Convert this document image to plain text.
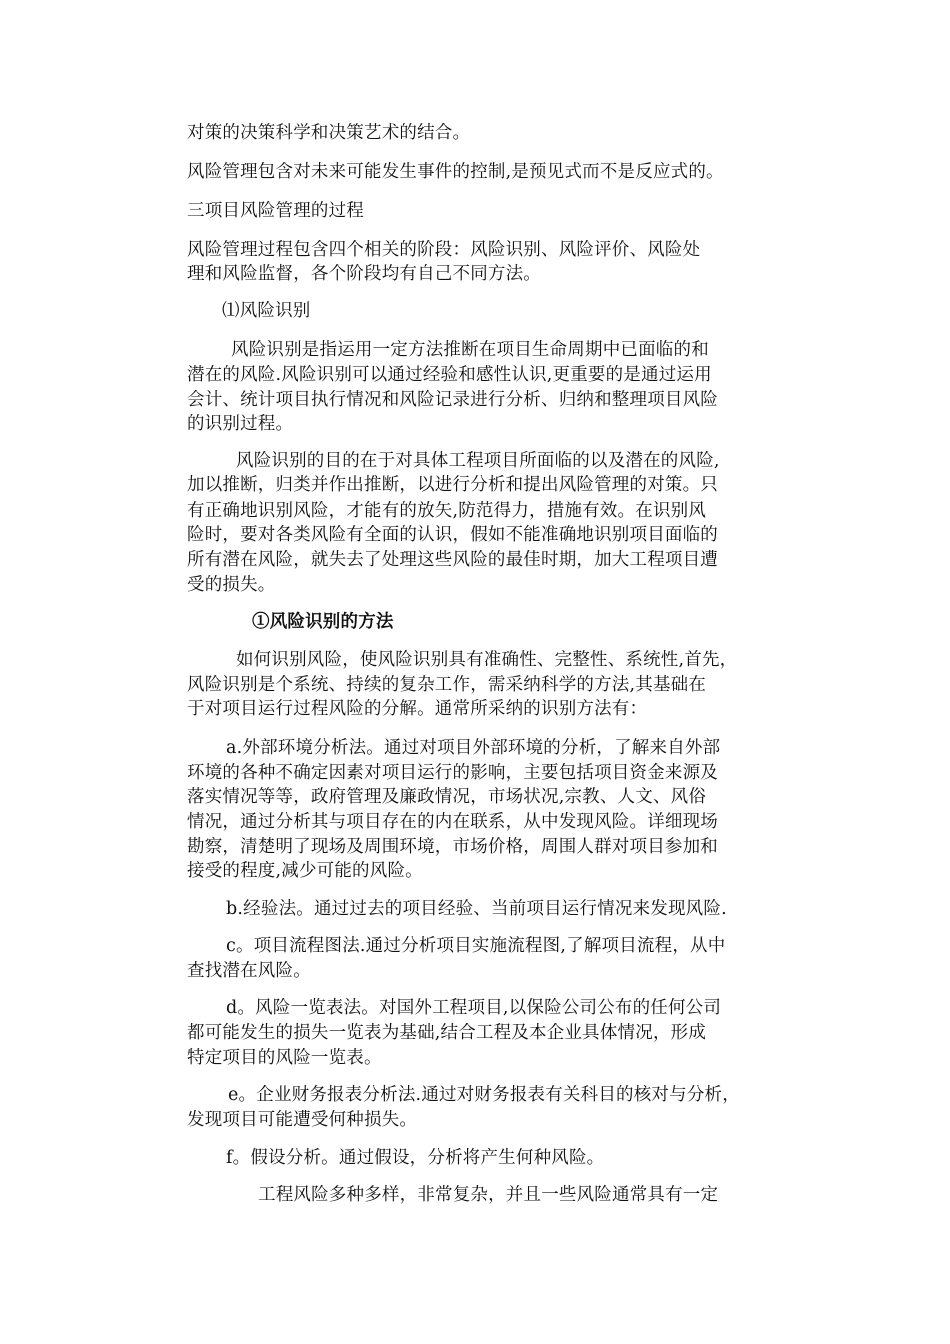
对策的决策科学和决策艺术的结合。
风险管理包含对未来可能发生事件的控制,是预见式而不是反应式的。
三项目风险管理的过程
风险管理过程包含四个相关的阶段：风险识别、风险评价、风险处
理和风险监督，各个阶段均有自己不同方法。
⑴风险识别
风险识别是指运用一定方法推断在项目生命周期中已面临的和
潜在的风险.风险识别可以通过经验和感性认识,更重要的是通过运用
会计、统计项目执行情况和风险记录进行分析、归纳和整理项目风险
的识别过程。
风险识别的目的在于对具体工程项目所面临的以及潜在的风险,
加以推断，归类并作出推断，以进行分析和提出风险管理的对策。只
有正确地识别风险，才能有的放矢,防范得力，措施有效。在识别风
险时，要对各类风险有全面的认识，假如不能准确地识别项目面临的
所有潜在风险，就失去了处理这些风险的最佳时期，加大工程项目遭
受的损失。
①风险识别的方法
如何识别风险，使风险识别具有准确性、完整性、系统性,首先，
风险识别是个系统、持续的复杂工作，需采纳科学的方法,其基础在
于对项目运行过程风险的分解。通常所采纳的识别方法有：
a.外部环境分析法。通过对项目外部环境的分析，了解来自外部
环境的各种不确定因素对项目运行的影响，主要包括项目资金来源及
落实情况等等，政府管理及廉政情况，市场状况,宗教、人文、风俗
情况，通过分析其与项目存在的内在联系，从中发现风险。详细现场
勘察，清楚明了现场及周围环境，市场价格，周围人群对项目参加和
接受的程度,减少可能的风险。
b.经验法。通过过去的项目经验、当前项目运行情况来发现风险.
c。项目流程图法.通过分析项目实施流程图,了解项目流程，从中
查找潜在风险。
d。风险一览表法。对国外工程项目,以保险公司公布的任何公司
都可能发生的损失一览表为基础,结合工程及本企业具体情况，形成
特定项目的风险一览表。
e。企业财务报表分析法.通过对财务报表有关科目的核对与分析，
发现项目可能遭受何种损失。
f。假设分析。通过假设，分析将产生何种风险。
工程风险多种多样，非常复杂，并且一些风险通常具有一定
